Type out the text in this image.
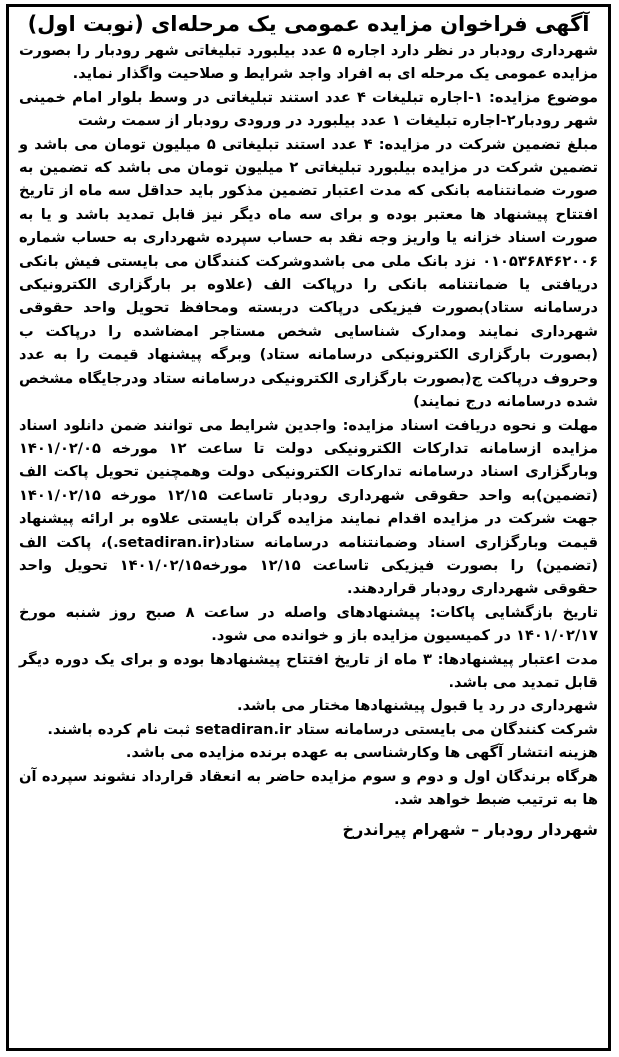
آگهی فراخوان مزایده عمومی یک مرحله‌ای (نوبت اول)

شهرداری رودبار در نظر دارد اجاره ۵ عدد بیلبورد تبلیغاتی شهر رودبار را بصورت مزایده عمومی یک مرحله ای به افراد واجد شرایط و صلاحیت واگذار نماید.

موضوع مزایده: ۱-اجاره تبلیغات ۴ عدد استند تبلیغاتی در وسط بلوار امام خمینی شهر رودبار۲-اجاره تبلیغات ۱ عدد بیلبورد در ورودی رودبار از سمت رشت

مبلغ تضمین شرکت در مزایده: ۴ عدد استند تبلیغاتی ۵ میلیون تومان می باشد و تضمین شرکت در مزایده بیلبورد تبلیغاتی ۲ میلیون تومان می باشد که تضمین به صورت ضمانتنامه بانکی که مدت اعتبار تضمین مذکور باید حداقل سه ماه از تاریخ افتتاح پیشنهاد ها معتبر بوده و برای سه ماه دیگر نیز قابل تمدید باشد و یا به صورت اسناد خزانه یا واریز وجه نقد به حساب سپرده شهرداری به حساب شماره ۰۱۰۵۳۶۸۴۶۲۰۰۶ نزد بانک ملی می باشدوشرکت کنندگان می بایستی فیش بانکی دریافتی یا ضمانتنامه بانکی را درپاکت الف (علاوه بر بارگزاری الکترونیکی درسامانه ستاد)بصورت فیزیکی درپاکت دربسته ومحافظ تحویل واحد حقوقی شهرداری نمایند ومدارک شناسایی شخص مستاجر امضاشده را درپاکت ب (بصورت بارگزاری الکترونیکی درسامانه ستاد) وبرگه پیشنهاد قیمت را به عدد وحروف درپاکت ج(بصورت بارگزاری الکترونیکی درسامانه ستاد ودرجایگاه مشخص شده درسامانه درج نمایند)

مهلت و نحوه دریافت اسناد مزایده: واجدین شرایط می توانند ضمن دانلود اسناد مزایده ازسامانه تدارکات الکترونیکی دولت تا ساعت ۱۲ مورخه ۱۴۰۱/۰۲/۰۵ وبارگزاری اسناد درسامانه تدارکات الکترونیکی دولت وهمچنین تحویل پاکت الف (تضمین)به واحد حقوقی شهرداری رودبار تاساعت ۱۲/۱۵ مورخه ۱۴۰۱/۰۲/۱۵ جهت شرکت در مزایده اقدام نمایند مزایده گران بایستی علاوه بر ارائه پیشنهاد قیمت وبارگزاری اسناد وضمانتنامه درسامانه ستاد(setadiran.ir.)، پاکت الف (تضمین) را بصورت فیزیکی تاساعت ۱۲/۱۵ مورخه۱۴۰۱/۰۲/۱۵ تحویل واحد حقوقی شهرداری رودبار قراردهند.

تاریخ بازگشایی پاکات: پیشنهادهای واصله در ساعت ۸ صبح روز شنبه مورخ ۱۴۰۱/۰۲/۱۷ در کمیسیون مزایده باز و خوانده می شود.

مدت اعتبار پیشنهادها: ۳ ماه از تاریخ افتتاح پیشنهادها بوده و برای یک دوره دیگر قابل تمدید می باشد.

شهرداری در رد یا قبول پیشنهادها مختار می باشد.

شرکت کنندگان می بایستی درسامانه ستاد setadiran.ir ثبت نام کرده باشند.

هزینه انتشار آگهی ها وکارشناسی به عهده برنده مزایده می باشد.

هرگاه برندگان اول و دوم و سوم مزایده حاضر به انعقاد قرارداد نشوند سپرده آن ها به ترتیب ضبط خواهد شد.

شهردار رودبار – شهرام پیراندرخ
